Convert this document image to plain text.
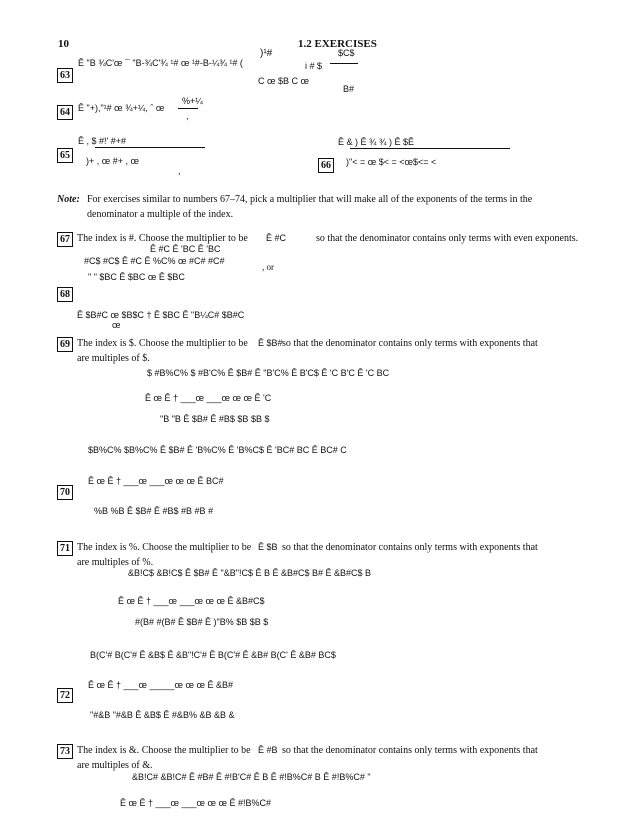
10	1.2 EXERCISES
63
Ê "B ¾C'œ ¯ "B-¾C'¾ ¹# œ ¹#-B-¼¾ ¹# (
)¹#	$C$
i # $
C œ $B C œ
B#
64 Ê "+),"¹# œ ¾+¼, ˆ œ
%+¼
,
65
Ê , $ #!' #+#
)+ , œ #+ , œ
,	66
Ê & ) Ê ¾ ¾ ) Ê $Ê
)"< = œ $< = <œ$<= <
Note: For exercises similar to numbers 67–74, pick a multiplier that will make all of the exponents of the terms in the
denominator a multiple of the index.
67 The index is #. Choose the multiplier to be Ê #C	so that the denominator contains only terms with even exponents.
Ê #C Ê 'BC Ê 'BC
#C$ #C$ Ê #C Ê %C% œ #C# #C#
" " $BC Ê $BC œ Ê $BC
, or
68
Ê $B#C œ $B$C † Ê $BC Ê "B¼C# $B#C
œ
69 The index is $. Choose the multiplier to be Ê $B# so that the denominator contains only terms with exponents that
are multiples of $.
$ #B%C% $ #B'C% Ê $B# Ê "B'C% Ê B'C$ Ê 'C B'C Ê 'C BC
Ê œ Ê † ___œ ___œ œ œ Ê 'C
"B "B Ê $B# Ê #B$ $B $B $
70
$B%C% $B%C% Ê $B# Ê 'B%C% Ê 'B%C$ Ê 'BC# BC Ê BC# C
Ê œ Ê † ___œ ___œ œ œ Ê BC#
%B %B Ê $B# Ê #B$ #B #B #
71 The index is %. Choose the multiplier to be Ê $B so that the denominator contains only terms with exponents that
are multiples of %.
&B!C$ &B!C$ Ê $B# Ê "&B"!C$ Ê B Ê &B#C$ B# Ê &B#C$ B
Ê œ Ê † ___œ ___œ œ œ Ê &B#C$
#(B# #(B# Ê $B# Ê )"B% $B $B $
72
B(C'# B(C'# Ê &B$ Ê &B"!C'# Ê B(C'# Ê &B# B(C' Ê &B# BC$
Ê œ Ê † ___œ _____œ œ œ Ê &B#
"#&B "#&B Ê &B$ Ê #&B% &B &B &
73 The index is &. Choose the multiplier to be Ê #B so that the denominator contains only terms with exponents that
are multiples of &.
&B!C# &B!C# Ê #B# Ê #!B'C# Ê B Ê #!B%C# B Ê #!B%C# "
Ê œ Ê † ___œ ___œ œ œ Ê #!B%C#
